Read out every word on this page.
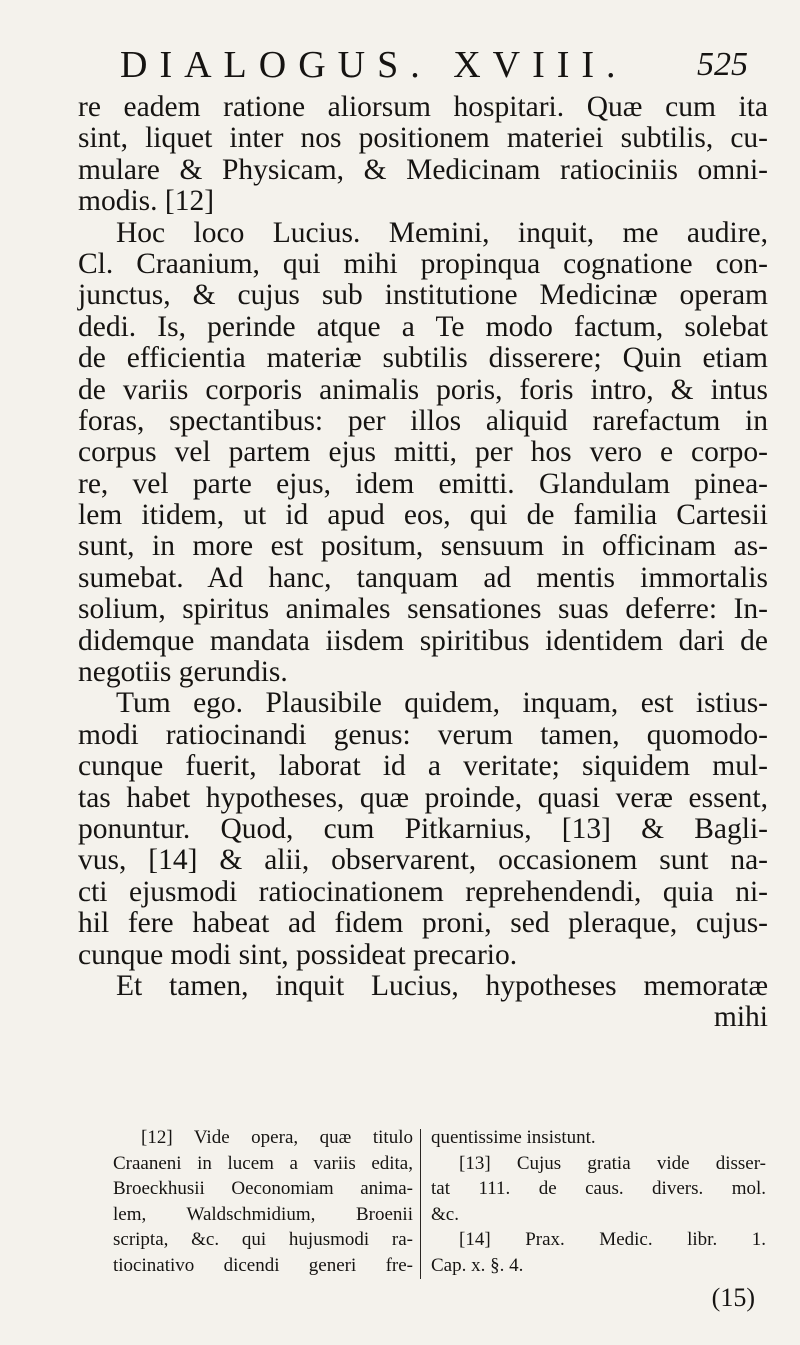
DIALOGUS. XVIII. 525
re eadem ratione aliorsum hospitari. Quæ cum ita
sint, liquet inter nos positionem materiei subtilis, cu-
mulare & Physicam, & Medicinam ratiociniis omni-
modis. [12]
Hoc loco Lucius. Memini, inquit, me audire,
Cl. Craanium, qui mihi propinqua cognatione con-
junctus, & cujus sub institutione Medicinæ operam
dedi. Is, perinde atque a Te modo factum, solebat
de efficientia materiæ subtilis disserere; Quin etiam
de variis corporis animalis poris, foris intro, & intus
foras, spectantibus: per illos aliquid rarefactum in
corpus vel partem ejus mitti, per hos vero e corpo-
re, vel parte ejus, idem emitti. Glandulam pinea-
lem itidem, ut id apud eos, qui de familia Cartesii
sunt, in more est positum, sensuum in officinam as-
sumebat. Ad hanc, tanquam ad mentis immortalis
solium, spiritus animales sensationes suas deferre: In-
didemque mandata iisdem spiritibus identidem dari de
negotiis gerundis.
Tum ego. Plausibile quidem, inquam, est istius-
modi ratiocinandi genus: verum tamen, quomodo-
cunque fuerit, laborat id a veritate; siquidem mul-
tas habet hypotheses, quæ proinde, quasi veræ essent,
ponuntur. Quod, cum Pitkarnius, [13] & Bagli-
vus, [14] & alii, observarent, occasionem sunt na-
cti ejusmodi ratiocinationem reprehendendi, quia ni-
hil fere habeat ad fidem proni, sed pleraque, cujus-
cunque modi sint, possideat precario.
Et tamen, inquit Lucius, hypotheses memoratæ
mihi
[12] Vide opera, quæ titulo
Craaneni in lucem a variis edita,
Broeckhusii Oeconomiam anima-
lem, Waldschmidium, Broenii
scripta, &c. qui hujusmodi ra-
tiocinativo dicendi generi fre-
quentissime insistunt.
[13] Cujus gratia vide disser-
tat 111. de caus. divers. mol.
&c.
[14] Prax. Medic. libr. 1.
Cap. x. §. 4.
(15)
